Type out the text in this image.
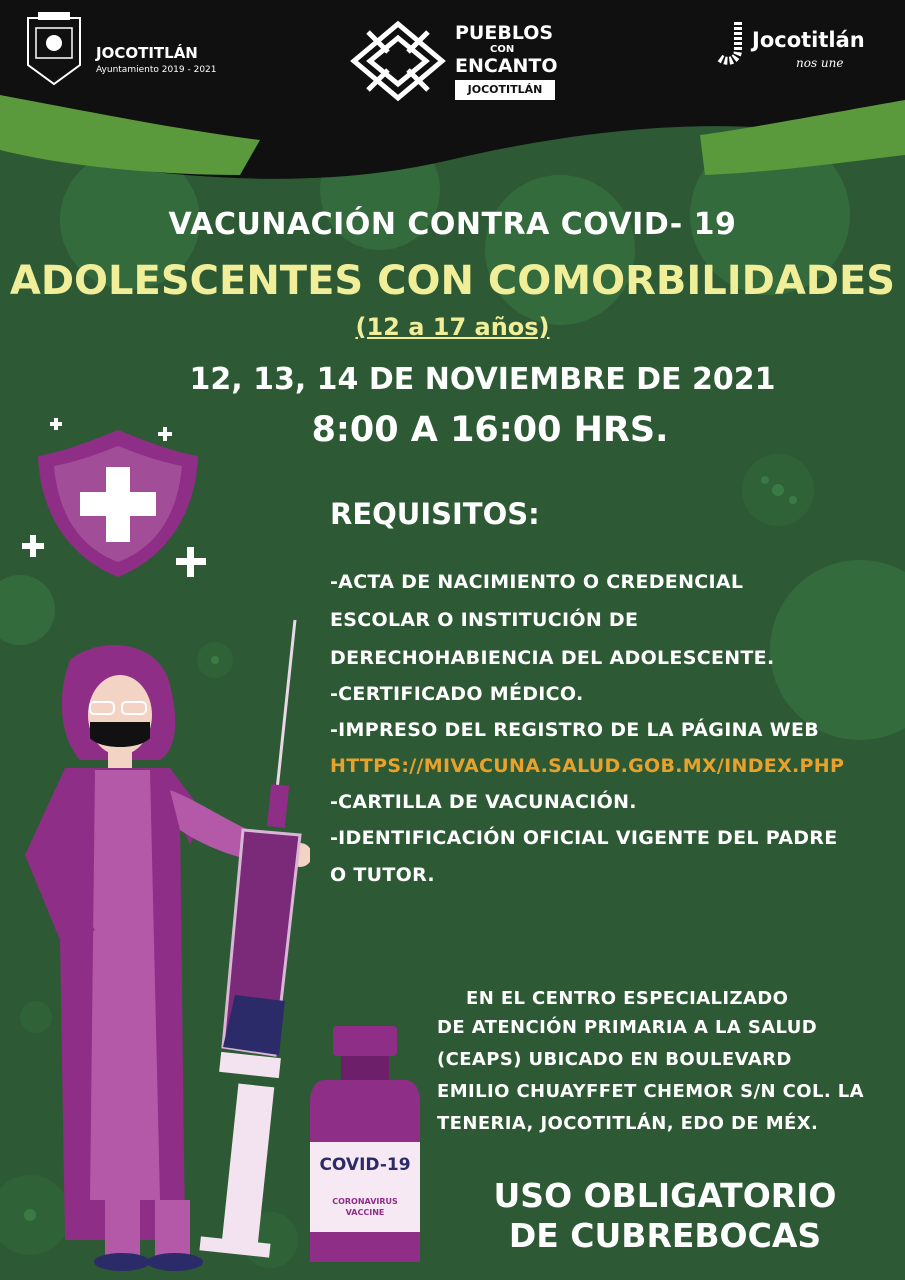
JOCOTITLÁN
Ayuntamiento 2019 - 2021
PUEBLOS
CON
ENCANTO
JOCOTITLÁN
Jocotitlán
nos une
VACUNACIÓN CONTRA COVID- 19
ADOLESCENTES CON COMORBILIDADES
(12 a 17 años)
12, 13, 14 DE NOVIEMBRE DE 2021
8:00 A 16:00 HRS.
REQUISITOS:
-ACTA DE NACIMIENTO O CREDENCIAL
ESCOLAR O INSTITUCIÓN DE
DERECHOHABIENCIA DEL ADOLESCENTE.
-CERTIFICADO MÉDICO.
-IMPRESO DEL REGISTRO DE LA PÁGINA WEB
HTTPS://MIVACUNA.SALUD.GOB.MX/INDEX.PHP
-CARTILLA DE VACUNACIÓN.
-IDENTIFICACIÓN OFICIAL VIGENTE DEL PADRE
O TUTOR.
COVID-19
CORONAVIRUS
VACCINE
EN EL CENTRO ESPECIALIZADO
DE ATENCIÓN PRIMARIA A LA SALUD
(CEAPS) UBICADO EN BOULEVARD
EMILIO CHUAYFFET CHEMOR S/N COL. LA
TENERIA, JOCOTITLÁN, EDO DE MÉX.
USO OBLIGATORIO
DE CUBREBOCAS
